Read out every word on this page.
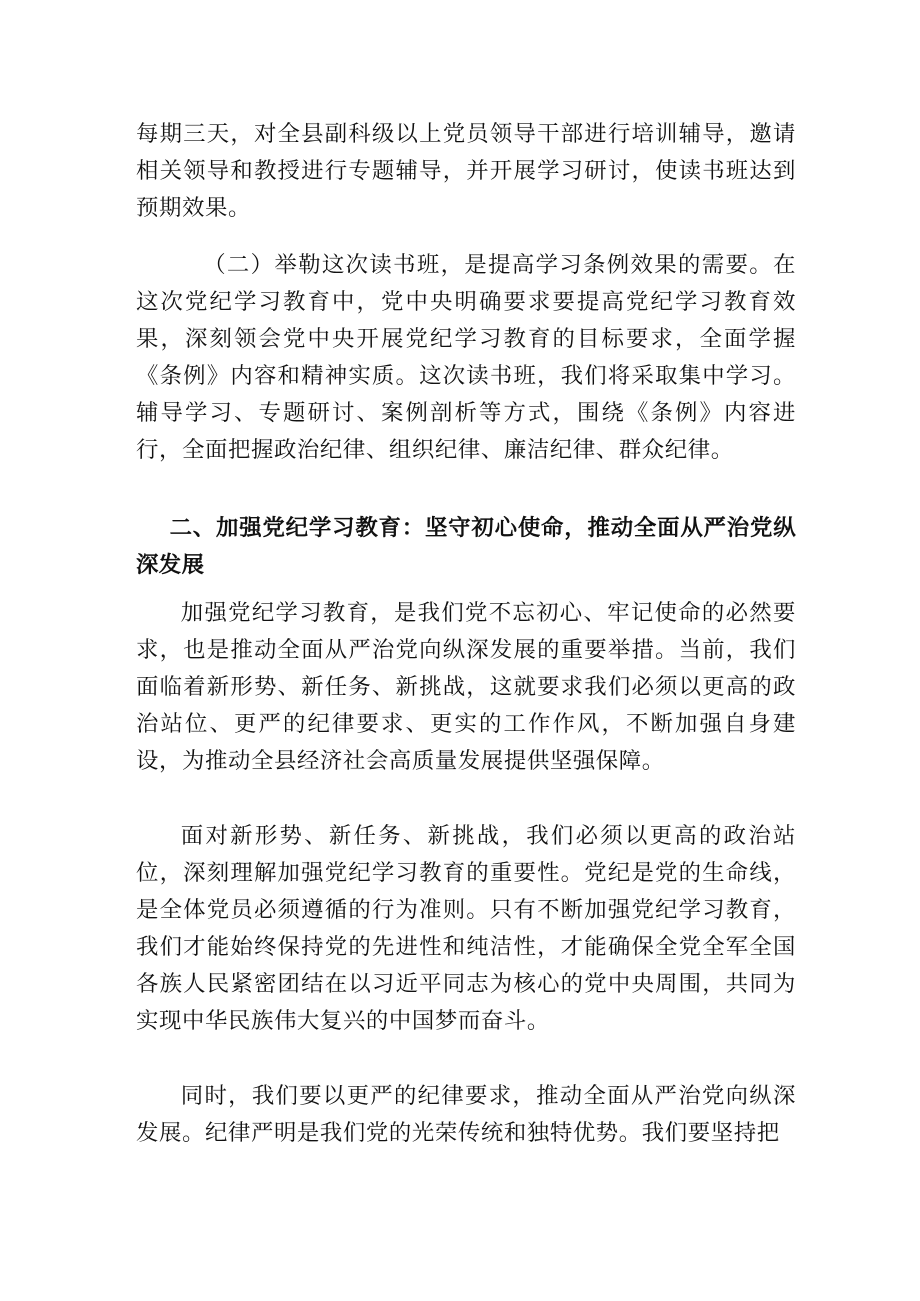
每期三天，对全县副科级以上党员领导干部进行培训辅导，邀请相关领导和教授进行专题辅导，并开展学习研讨，使读书班达到预期效果。

（二）举勒这次读书班，是提高学习条例效果的需要。在这次党纪学习教育中，党中央明确要求要提高党纪学习教育效果，深刻领会党中央开展党纪学习教育的目标要求，全面学握《条例》内容和精神实质。这次读书班，我们将采取集中学习。辅导学习、专题研讨、案例剖析等方式，围绕《条例》内容进行，全面把握政治纪律、组织纪律、廉洁纪律、群众纪律。

二、加强党纪学习教育：坚守初心使命，推动全面从严治党纵深发展

加强党纪学习教育，是我们党不忘初心、牢记使命的必然要求，也是推动全面从严治党向纵深发展的重要举措。当前，我们面临着新形势、新任务、新挑战，这就要求我们必须以更高的政治站位、更严的纪律要求、更实的工作作风，不断加强自身建设，为推动全县经济社会高质量发展提供坚强保障。

面对新形势、新任务、新挑战，我们必须以更高的政治站位，深刻理解加强党纪学习教育的重要性。党纪是党的生命线，是全体党员必须遵循的行为准则。只有不断加强党纪学习教育，我们才能始终保持党的先进性和纯洁性，才能确保全党全军全国各族人民紧密团结在以习近平同志为核心的党中央周围，共同为实现中华民族伟大复兴的中国梦而奋斗。

同时，我们要以更严的纪律要求，推动全面从严治党向纵深发展。纪律严明是我们党的光荣传统和独特优势。我们要坚持把
